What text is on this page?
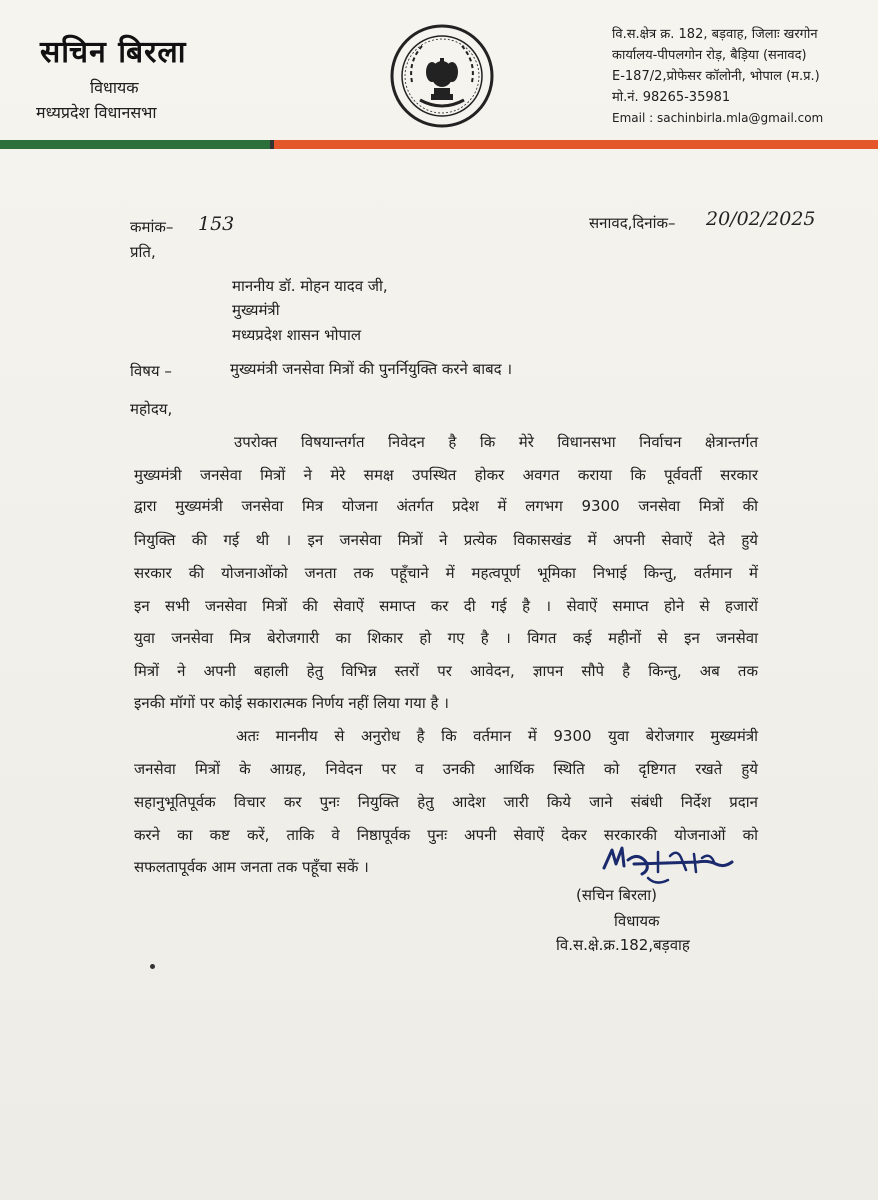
सचिन बिरला
विधायक
मध्यप्रदेश विधानसभा
वि.स.क्षेत्र क्र. 182, बड़वाह, जिलाः खरगोन
कार्यालय-पीपलगोन रोड़, बैड़िया (सनावद)
E-187/2,प्रोफेसर कॉलोनी, भोपाल (म.प्र.)
मो.नं. 98265-35981
Email : sachinbirla.mla@gmail.com
कमांक– 153	सनावद,दिनांक– 20/02/2025
प्रति,
माननीय डॉ. मोहन यादव जी,
मुख्यमंत्री
मध्यप्रदेश शासन भोपाल
विषय –	मुख्यमंत्री जनसेवा मित्रों की पुनर्नियुक्ति करने बाबद ।
महोदय,
उपरोक्त विषयान्तर्गत निवेदन है कि मेरे विधानसभा निर्वाचन क्षेत्रान्तर्गत
मुख्यमंत्री जनसेवा मित्रों ने मेरे समक्ष उपस्थित होकर अवगत कराया कि पूर्ववर्ती सरकार
द्वारा मुख्यमंत्री जनसेवा मित्र योजना अंतर्गत प्रदेश में लगभग 9300 जनसेवा मित्रों की
नियुक्ति की गई थी । इन जनसेवा मित्रों ने प्रत्येक विकासखंड में अपनी सेवाऐं देते हुये
सरकार की योजनाओंको जनता तक पहूँचाने में महत्वपूर्ण भूमिका निभाई किन्तु, वर्तमान में
इन सभी जनसेवा मित्रों की सेवाऐं समाप्त कर दी गई है । सेवाऐं समाप्त होने से हजारों
युवा जनसेवा मित्र बेरोजगारी का शिकार हो गए है । विगत कई महीनों से इन जनसेवा
मित्रों ने अपनी बहाली हेतु विभिन्न स्तरों पर आवेदन, ज्ञापन सौपे है किन्तु, अब तक
इनकी मॉगों पर कोई सकारात्मक निर्णय नहीं लिया गया है ।
अतः माननीय से अनुरोध है कि वर्तमान में 9300 युवा बेरोजगार मुख्यमंत्री
जनसेवा मित्रों के आग्रह, निवेदन पर व उनकी आर्थिक स्थिति को दृष्टिगत रखते हुये
सहानुभूतिपूर्वक विचार कर पुनः नियुक्ति हेतु आदेश जारी किये जाने संबंधी निर्देश प्रदान
करने का कष्ट करें, ताकि वे निष्ठापूर्वक पुनः अपनी सेवाऐं देकर सरकारकी योजनाओं को
सफलतापूर्वक आम जनता तक पहूँचा सकें ।
(सचिन बिरला)
विधायक
वि.स.क्षे.क्र.182,बड़वाह
